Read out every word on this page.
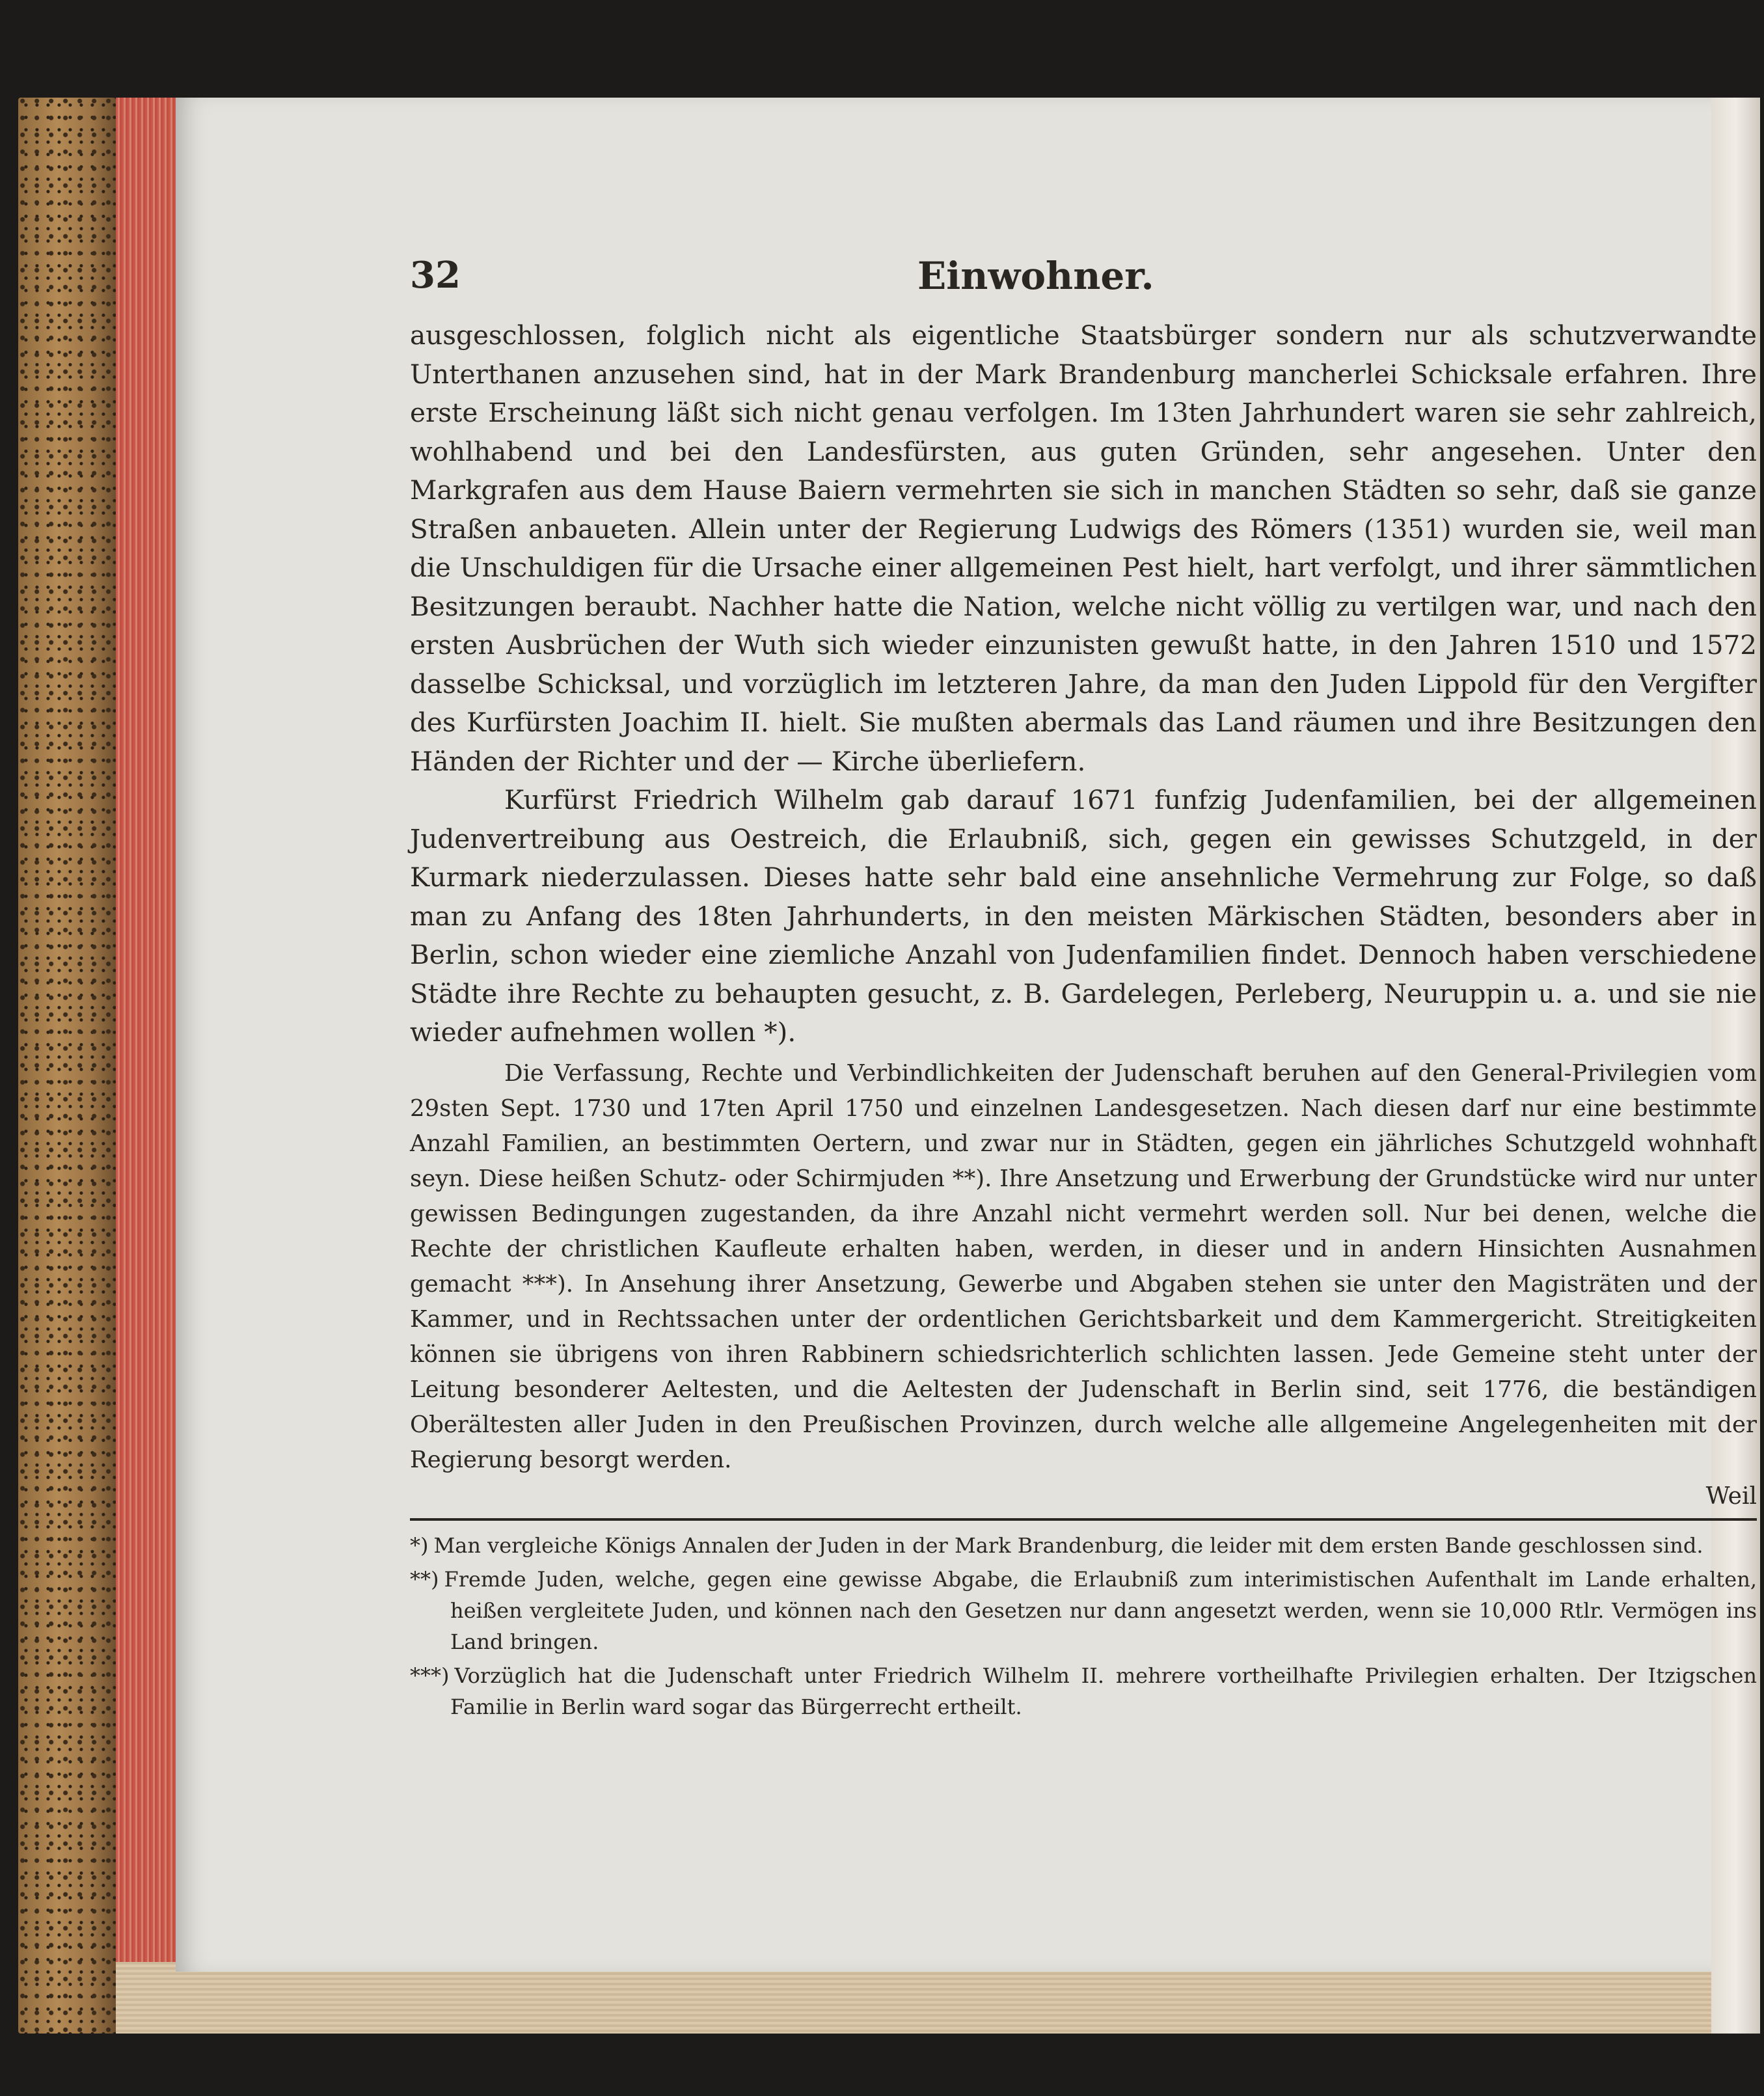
32	Einwohner.

ausgeschlossen, folglich nicht als eigentliche Staatsbürger sondern nur als schutzverwandte Unterthanen anzusehen sind, hat in der Mark Brandenburg mancherlei Schicksale erfahren. Ihre erste Erscheinung läßt sich nicht genau verfolgen. Im 13ten Jahrhundert waren sie sehr zahlreich, wohlhabend und bei den Landesfürsten, aus guten Gründen, sehr angesehen. Unter den Markgrafen aus dem Hause Baiern vermehrten sie sich in manchen Städten so sehr, daß sie ganze Straßen anbaueten. Allein unter der Regierung Ludwigs des Römers (1351) wurden sie, weil man die Unschuldigen für die Ursache einer allgemeinen Pest hielt, hart verfolgt, und ihrer sämmtlichen Besitzungen beraubt. Nachher hatte die Nation, welche nicht völlig zu vertilgen war, und nach den ersten Ausbrüchen der Wuth sich wieder einzunisten gewußt hatte, in den Jahren 1510 und 1572 dasselbe Schicksal, und vorzüglich im letzteren Jahre, da man den Juden Lippold für den Vergifter des Kurfürsten Joachim II. hielt. Sie mußten abermals das Land räumen und ihre Besitzungen den Händen der Richter und der — Kirche überliefern.

Kurfürst Friedrich Wilhelm gab darauf 1671 funfzig Judenfamilien, bei der allgemeinen Judenvertreibung aus Oestreich, die Erlaubniß, sich, gegen ein gewisses Schutzgeld, in der Kurmark niederzulassen. Dieses hatte sehr bald eine ansehnliche Vermehrung zur Folge, so daß man zu Anfang des 18ten Jahrhunderts, in den meisten Märkischen Städten, besonders aber in Berlin, schon wieder eine ziemliche Anzahl von Judenfamilien findet. Dennoch haben verschiedene Städte ihre Rechte zu behaupten gesucht, z. B. Gardelegen, Perleberg, Neuruppin u. a. und sie nie wieder aufnehmen wollen *).

Die Verfassung, Rechte und Verbindlichkeiten der Judenschaft beruhen auf den General-Privilegien vom 29sten Sept. 1730 und 17ten April 1750 und einzelnen Landesgesetzen. Nach diesen darf nur eine bestimmte Anzahl Familien, an bestimmten Oertern, und zwar nur in Städten, gegen ein jährliches Schutzgeld wohnhaft seyn. Diese heißen Schutz- oder Schirmjuden **). Ihre Ansetzung und Erwerbung der Grundstücke wird nur unter gewissen Bedingungen zugestanden, da ihre Anzahl nicht vermehrt werden soll. Nur bei denen, welche die Rechte der christlichen Kaufleute erhalten haben, werden, in dieser und in andern Hinsichten Ausnahmen gemacht ***). In Ansehung ihrer Ansetzung, Gewerbe und Abgaben stehen sie unter den Magisträten und der Kammer, und in Rechtssachen unter der ordentlichen Gerichtsbarkeit und dem Kammergericht. Streitigkeiten können sie übrigens von ihren Rabbinern schiedsrichterlich schlichten lassen. Jede Gemeine steht unter der Leitung besonderer Aeltesten, und die Aeltesten der Judenschaft in Berlin sind, seit 1776, die beständigen Oberältesten aller Juden in den Preußischen Provinzen, durch welche alle allgemeine Angelegenheiten mit der Regierung besorgt werden.

Weil

*) Man vergleiche Königs Annalen der Juden in der Mark Brandenburg, die leider mit dem ersten Bande geschlossen sind.

**) Fremde Juden, welche, gegen eine gewisse Abgabe, die Erlaubniß zum interimistischen Aufenthalt im Lande erhalten, heißen vergleitete Juden, und können nach den Gesetzen nur dann angesetzt werden, wenn sie 10,000 Rtlr. Vermögen ins Land bringen.

***) Vorzüglich hat die Judenschaft unter Friedrich Wilhelm II. mehrere vortheilhafte Privilegien erhalten. Der Itzigschen Familie in Berlin ward sogar das Bürgerrecht ertheilt.
